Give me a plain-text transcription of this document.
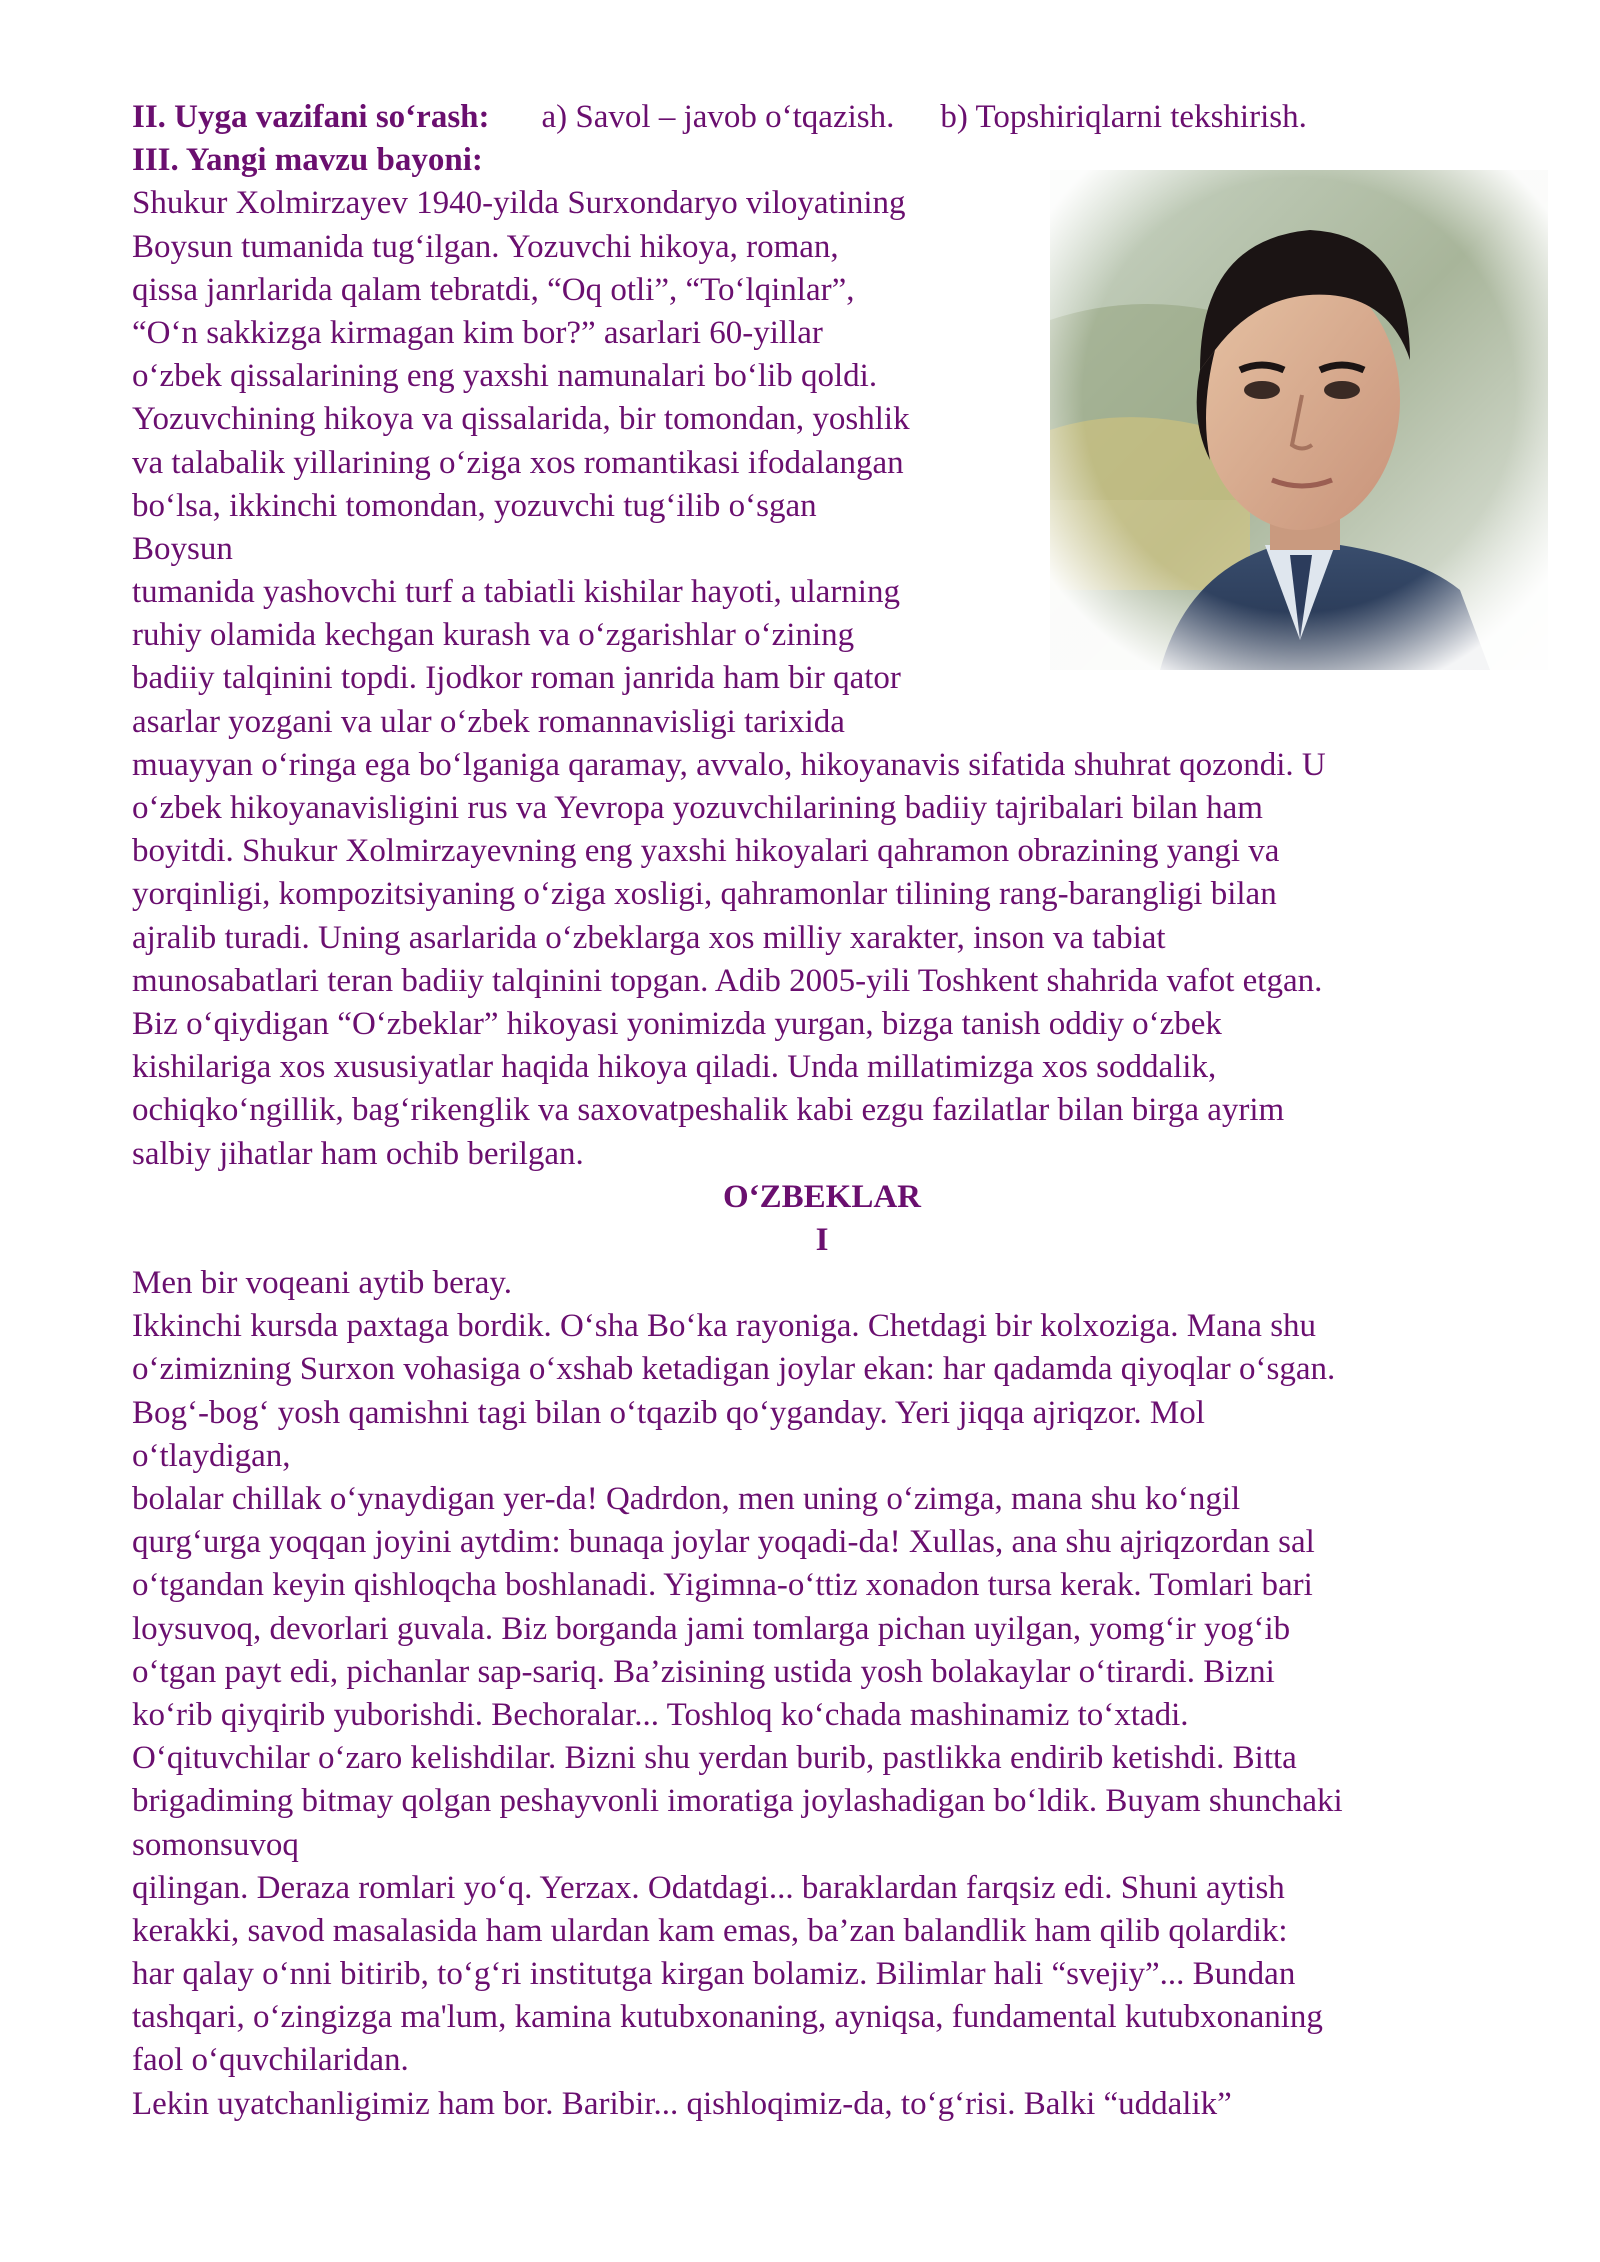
II. Uyga vazifani so‘rash: a) Savol – javob o‘tqazish. b) Topshiriqlarni tekshirish.
III. Yangi mavzu bayoni:
Shukur Xolmirzayev 1940-yilda Surxondaryo viloyatining
Boysun tumanida tug‘ilgan. Yozuvchi hikoya, roman,
qissa janrlarida qalam tebratdi, “Oq otli”, “To‘lqinlar”,
“O‘n sakkizga kirmagan kim bor?” asarlari 60-yillar
o‘zbek qissalarining eng yaxshi namunalari bo‘lib qoldi.
Yozuvchining hikoya va qissalarida, bir tomondan, yoshlik
va talabalik yillarining o‘ziga xos romantikasi ifodalangan
bo‘lsa, ikkinchi tomondan, yozuvchi tug‘ilib o‘sgan
Boysun
tumanida yashovchi turf a tabiatli kishilar hayoti, ularning
ruhiy olamida kechgan kurash va o‘zgarishlar o‘zining
badiiy talqinini topdi. Ijodkor roman janrida ham bir qator
asarlar yozgani va ular o‘zbek romannavisligi tarixida
muayyan o‘ringa ega bo‘lganiga qaramay, avvalo, hikoyanavis sifatida shuhrat qozondi. U
o‘zbek hikoyanavisligini rus va Yevropa yozuvchilarining badiiy tajribalari bilan ham
boyitdi. Shukur Xolmirzayevning eng yaxshi hikoyalari qahramon obrazining yangi va
yorqinligi, kompozitsiyaning o‘ziga xosligi, qahramonlar tilining rang-barangligi bilan
ajralib turadi. Uning asarlarida o‘zbeklarga xos milliy xarakter, inson va tabiat
munosabatlari teran badiiy talqinini topgan. Adib 2005-yili Toshkent shahrida vafot etgan.
Biz o‘qiydigan “O‘zbeklar” hikoyasi yonimizda yurgan, bizga tanish oddiy o‘zbek
kishilariga xos xususiyatlar haqida hikoya qiladi. Unda millatimizga xos soddalik,
ochiqko‘ngillik, bag‘rikenglik va saxovatpeshalik kabi ezgu fazilatlar bilan birga ayrim
salbiy jihatlar ham ochib berilgan.
O‘ZBEKLAR
I
Men bir voqeani aytib beray.
Ikkinchi kursda paxtaga bordik. O‘sha Bo‘ka rayoniga. Chetdagi bir kolxoziga. Mana shu
o‘zimizning Surxon vohasiga o‘xshab ketadigan joylar ekan: har qadamda qiyoqlar o‘sgan.
Bog‘-bog‘ yosh qamishni tagi bilan o‘tqazib qo‘yganday. Yeri jiqqa ajriqzor. Mol
o‘tlaydigan,
bolalar chillak o‘ynaydigan yer-da! Qadrdon, men uning o‘zimga, mana shu ko‘ngil
qurg‘urga yoqqan joyini aytdim: bunaqa joylar yoqadi-da! Xullas, ana shu ajriqzordan sal
o‘tgandan keyin qishloqcha boshlanadi. Yigimna-o‘ttiz xonadon tursa kerak. Tomlari bari
loysuvoq, devorlari guvala. Biz borganda jami tomlarga pichan uyilgan, yomg‘ir yog‘ib
o‘tgan payt edi, pichanlar sap-sariq. Ba’zisining ustida yosh bolakaylar o‘tirardi. Bizni
ko‘rib qiyqirib yuborishdi. Bechoralar... Toshloq ko‘chada mashinamiz to‘xtadi.
O‘qituvchilar o‘zaro kelishdilar. Bizni shu yerdan burib, pastlikka endirib ketishdi. Bitta
brigadiming bitmay qolgan peshayvonli imoratiga joylashadigan bo‘ldik. Buyam shunchaki
somonsuvoq
qilingan. Deraza romlari yo‘q. Yerzax. Odatdagi... baraklardan farqsiz edi. Shuni aytish
kerakki, savod masalasida ham ulardan kam emas, ba’zan balandlik ham qilib qolardik:
har qalay o‘nni bitirib, to‘g‘ri institutga kirgan bolamiz. Bilimlar hali “svejiy”... Bundan
tashqari, o‘zingizga ma'lum, kamina kutubxonaning, ayniqsa, fundamental kutubxonaning
faol o‘quvchilaridan.
Lekin uyatchanligimiz ham bor. Baribir... qishloqimiz-da, to‘g‘risi. Balki “uddalik”
